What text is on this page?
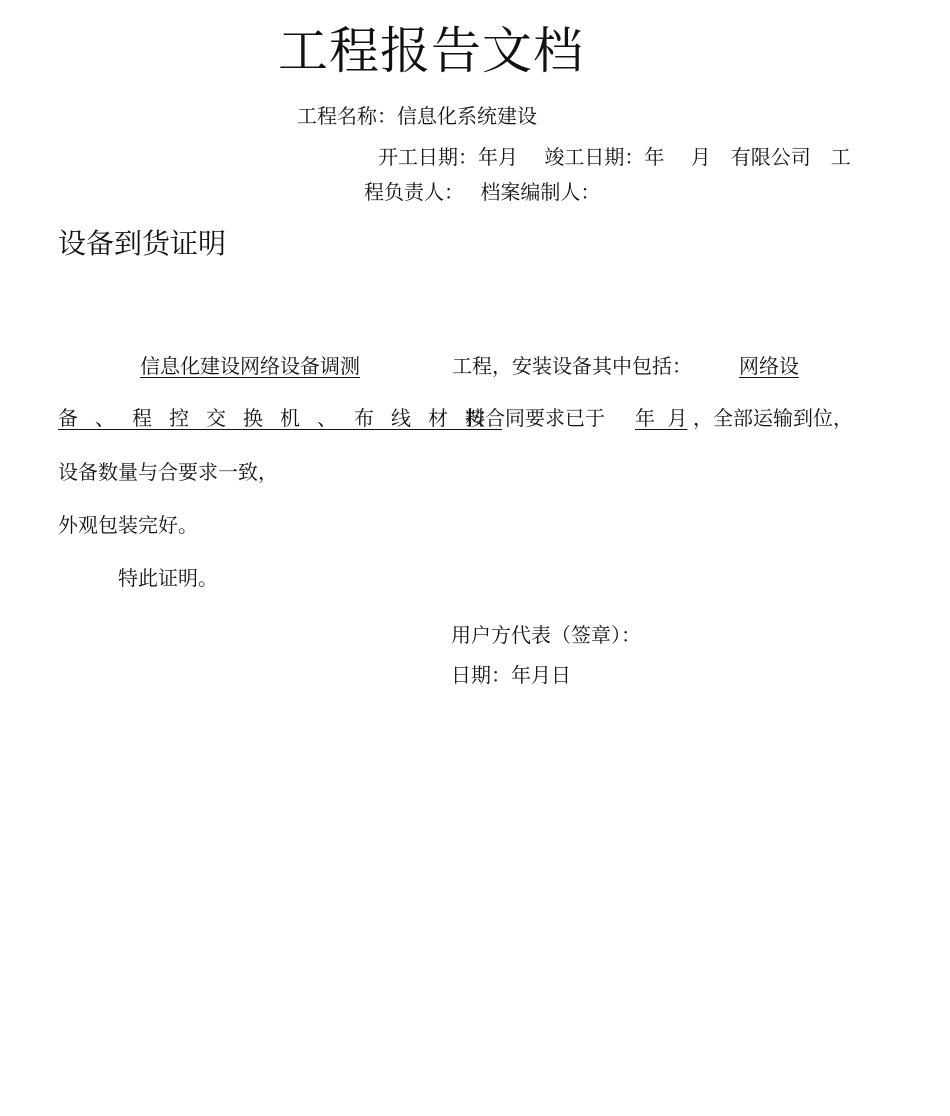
工程报告文档
工程名称：信息化系统建设
开工日期：年月　 竣工日期：年　 月　有限公司　工
程负责人：　 档案编制人：
设备到货证明
信息化建设网络设备调测	工程，安装设备其中包括： 网络设
备、程控交换机、布线材料
按合同要求已于 年 月 ，全部运输到位，
设备数量与合要求一致，
外观包装完好。
特此证明。
用户方代表（签章）：
日期：年月日
